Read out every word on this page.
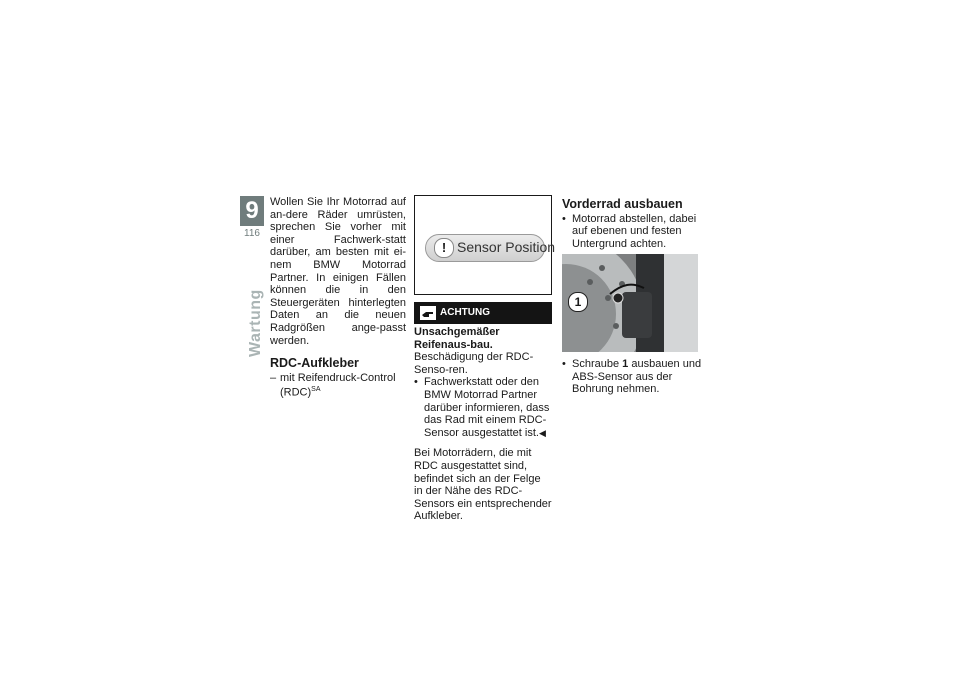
9
116
Wartung
Wollen Sie Ihr Motorrad auf an-dere Räder umrüsten, sprechen Sie vorher mit einer Fachwerk-statt darüber, am besten mit ei-nem BMW Motorrad Partner. In einigen Fällen können die in den Steuergeräten hinterlegten Daten an die neuen Radgrößen ange-passt werden.
RDC-Aufkleber
– mit Reifendruck-Control (RDC)$^{SA}$
! Sensor Position
ACHTUNG
Unsachgemäßer Reifenaus-bau.
Beschädigung der RDC-Senso-ren.
• Fachwerkstatt oder den BMW Motorrad Partner darüber informieren, dass das Rad mit einem RDC-Sensor ausgestattet ist.◀
Bei Motorrädern, die mit RDC ausgestattet sind, befindet sich an der Felge in der Nähe des RDC-Sensors ein entsprechender Aufkleber.
Vorderrad ausbauen
• Motorrad abstellen, dabei auf ebenen und festen Untergrund achten.
1
• Schraube 1 ausbauen und ABS-Sensor aus der Bohrung nehmen.
